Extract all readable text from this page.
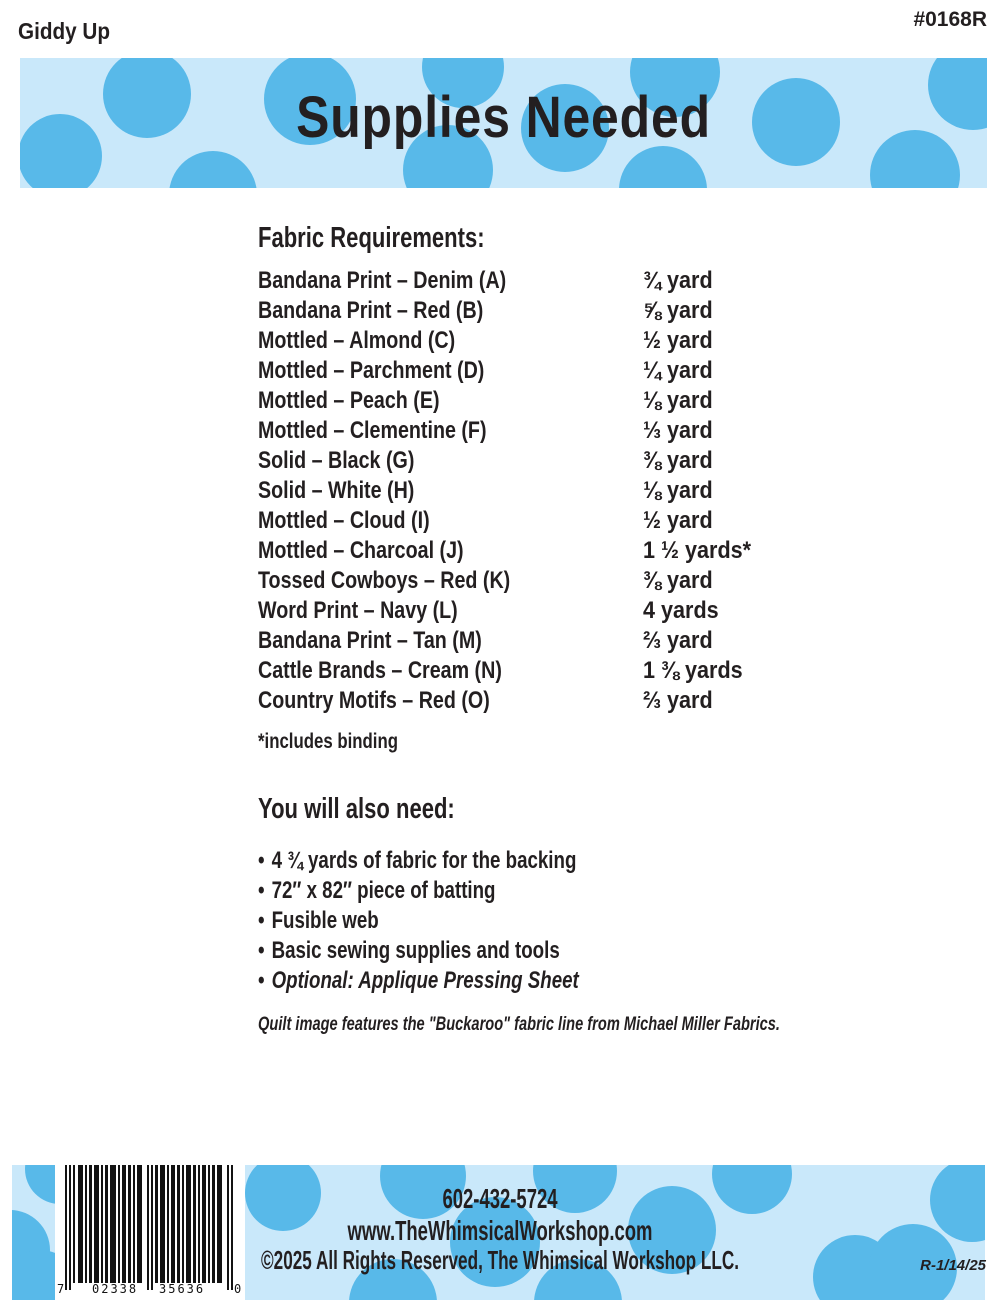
Giddy Up	#0168R
Supplies Needed
Fabric Requirements:
Bandana Print – Denim (A)	¾ yard
Bandana Print – Red (B)	⅝ yard
Mottled – Almond (C)	½ yard
Mottled – Parchment (D)	¼ yard
Mottled – Peach (E)	⅛ yard
Mottled – Clementine (F)	⅓ yard
Solid – Black (G)	⅜ yard
Solid – White (H)	⅛ yard
Mottled – Cloud (I)	½ yard
Mottled – Charcoal (J)	1 ½ yards*
Tossed Cowboys – Red (K)	⅜ yard
Word Print – Navy (L)	4 yards
Bandana Print – Tan (M)	⅔ yard
Cattle Brands – Cream (N)	1 ⅜ yards
Country Motifs – Red (O)	⅔ yard
*includes binding
You will also need:
• 4 ¾ yards of fabric for the backing
• 72″ x 82″ piece of batting
• Fusible web
• Basic sewing supplies and tools
• Optional: Applique Pressing Sheet
Quilt image features the "Buckaroo" fabric line from Michael Miller Fabrics.
7 02338 35636 0
602-432-5724
www.TheWhimsicalWorkshop.com
©2025 All Rights Reserved, The Whimsical Workshop LLC.	R-1/14/25
